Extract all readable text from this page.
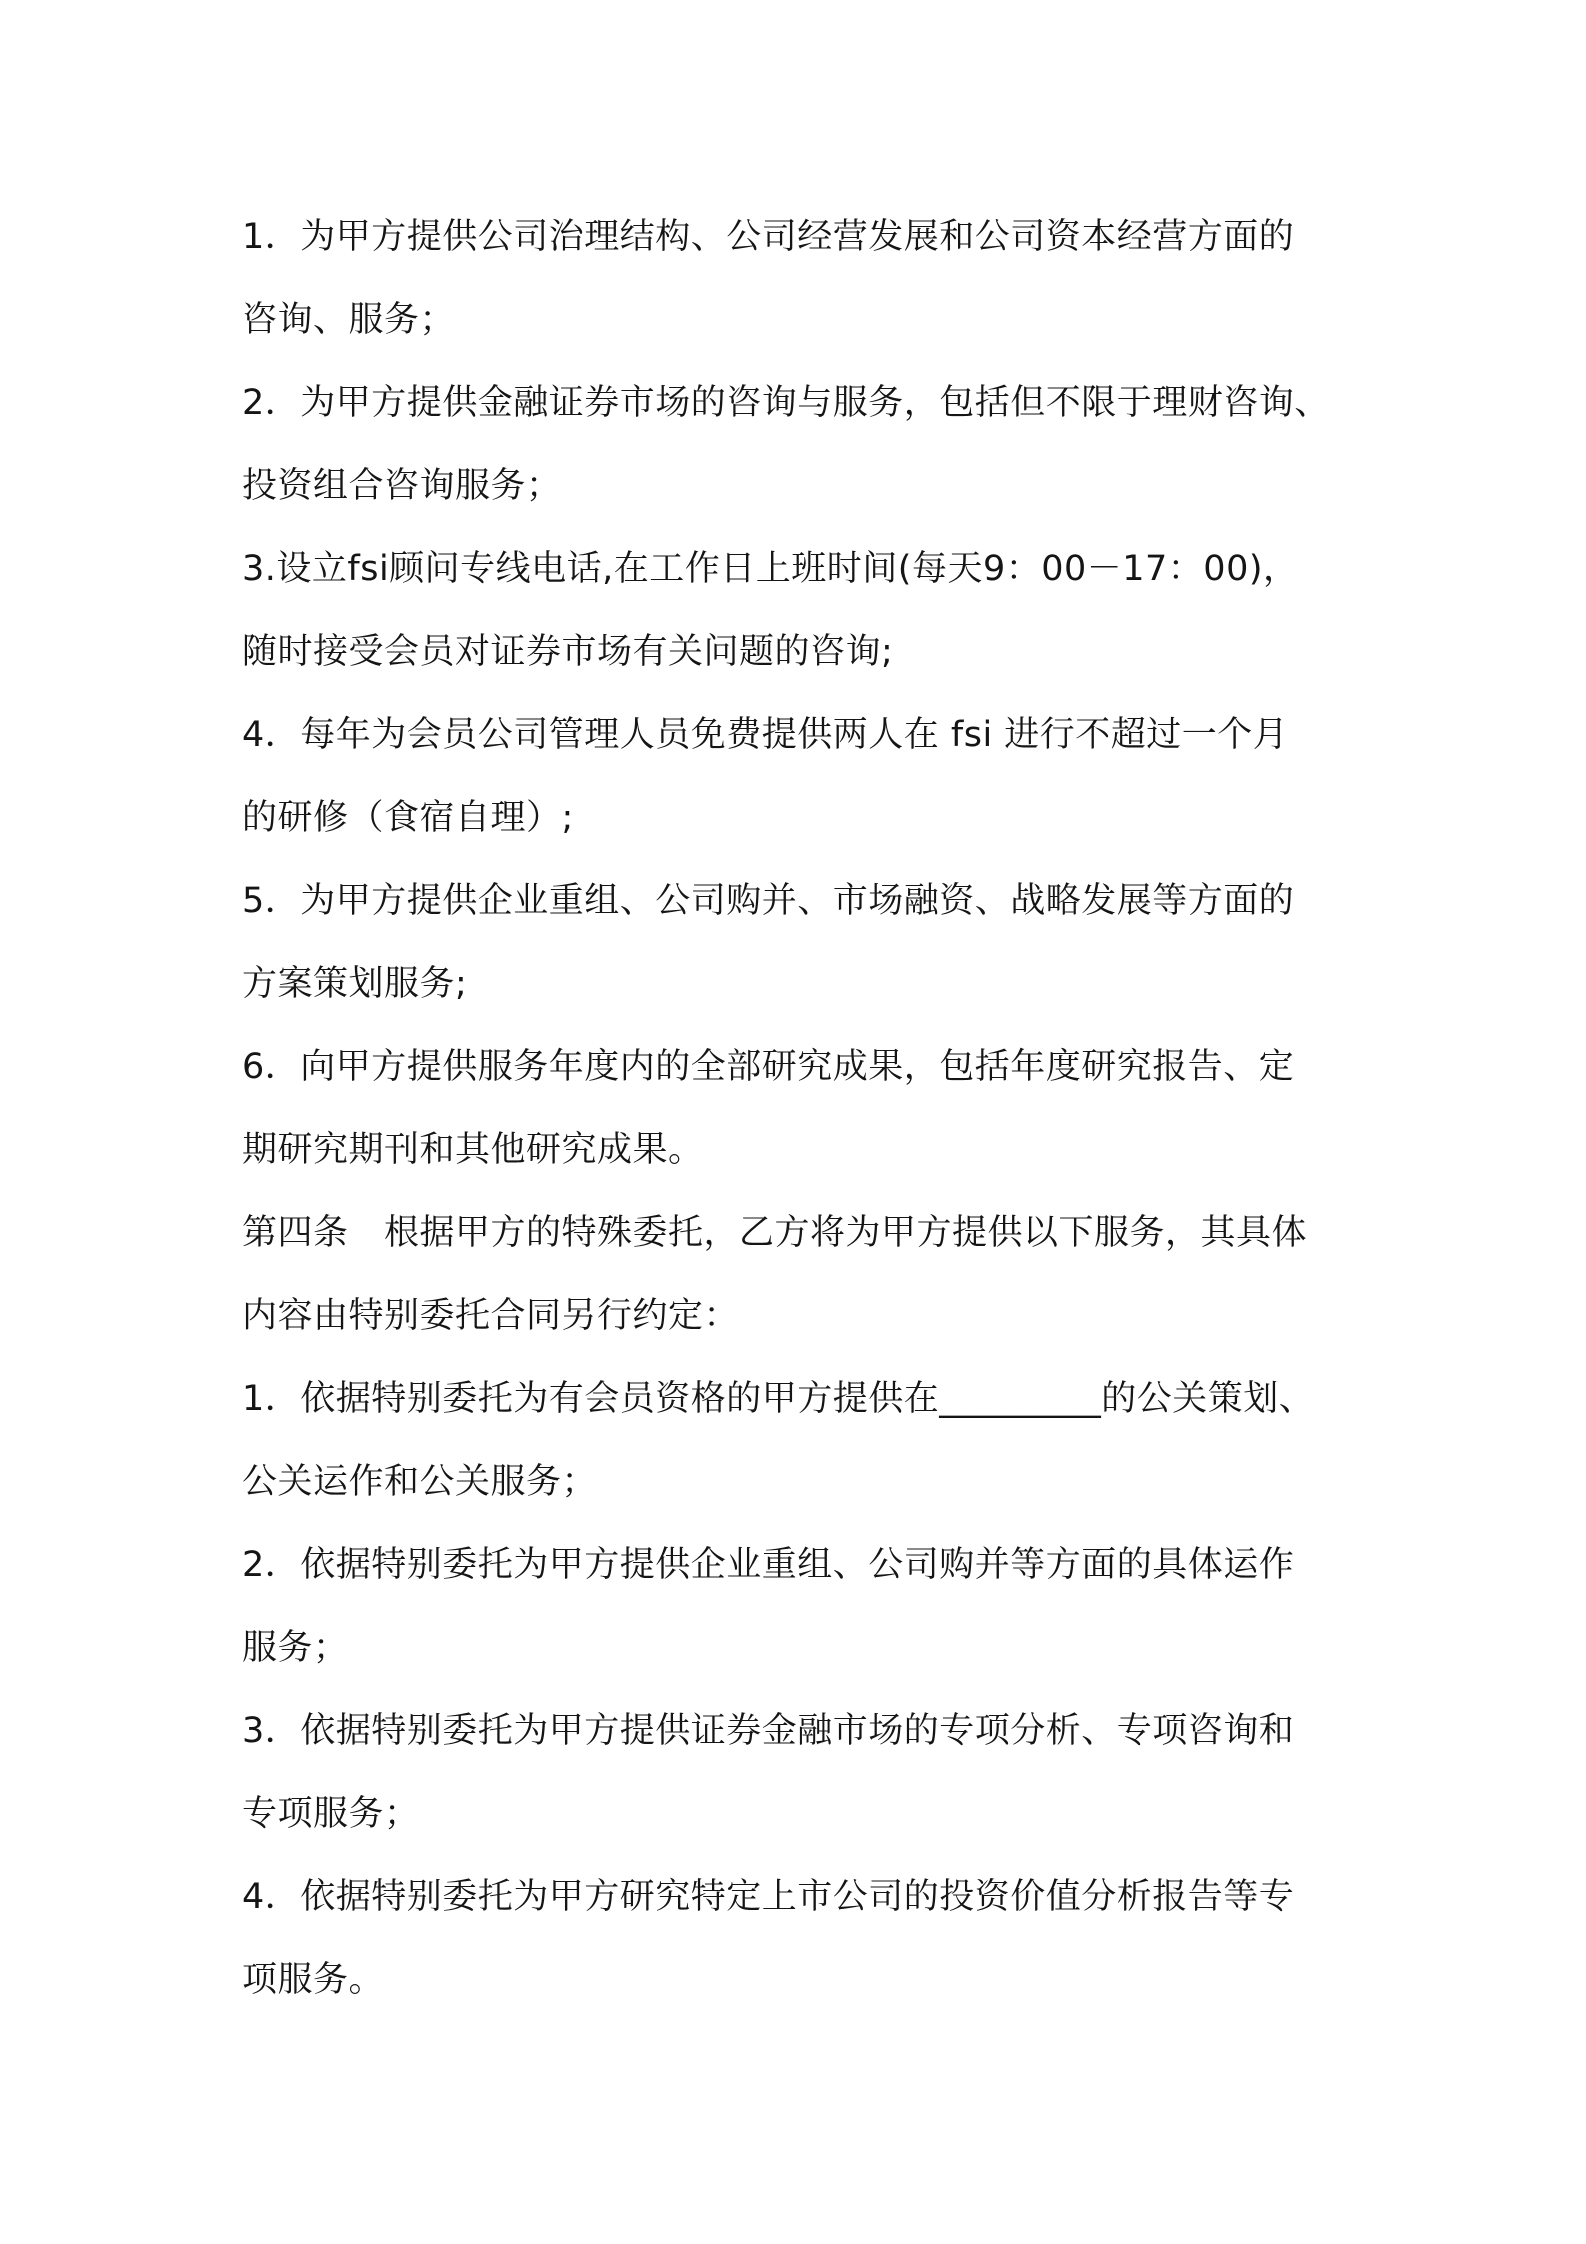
1．为甲方提供公司治理结构、公司经营发展和公司资本经营方面的
咨询、服务；

2．为甲方提供金融证券市场的咨询与服务，包括但不限于理财咨询、
投资组合咨询服务；

3.设立fsi顾问专线电话,在工作日上班时间(每天9：00－17：00)，
随时接受会员对证券市场有关问题的咨询;

4．每年为会员公司管理人员免费提供两人在 fsi 进行不超过一个月
的研修（食宿自理）;

5．为甲方提供企业重组、公司购并、市场融资、战略发展等方面的
方案策划服务;

6．向甲方提供服务年度内的全部研究成果，包括年度研究报告、定
期研究期刊和其他研究成果。

第四条　根据甲方的特殊委托，乙方将为甲方提供以下服务，其具体
内容由特别委托合同另行约定：

1．依据特别委托为有会员资格的甲方提供在_________的公关策划、
公关运作和公关服务；

2．依据特别委托为甲方提供企业重组、公司购并等方面的具体运作
服务；

3．依据特别委托为甲方提供证券金融市场的专项分析、专项咨询和
专项服务；

4．依据特别委托为甲方研究特定上市公司的投资价值分析报告等专
项服务。
